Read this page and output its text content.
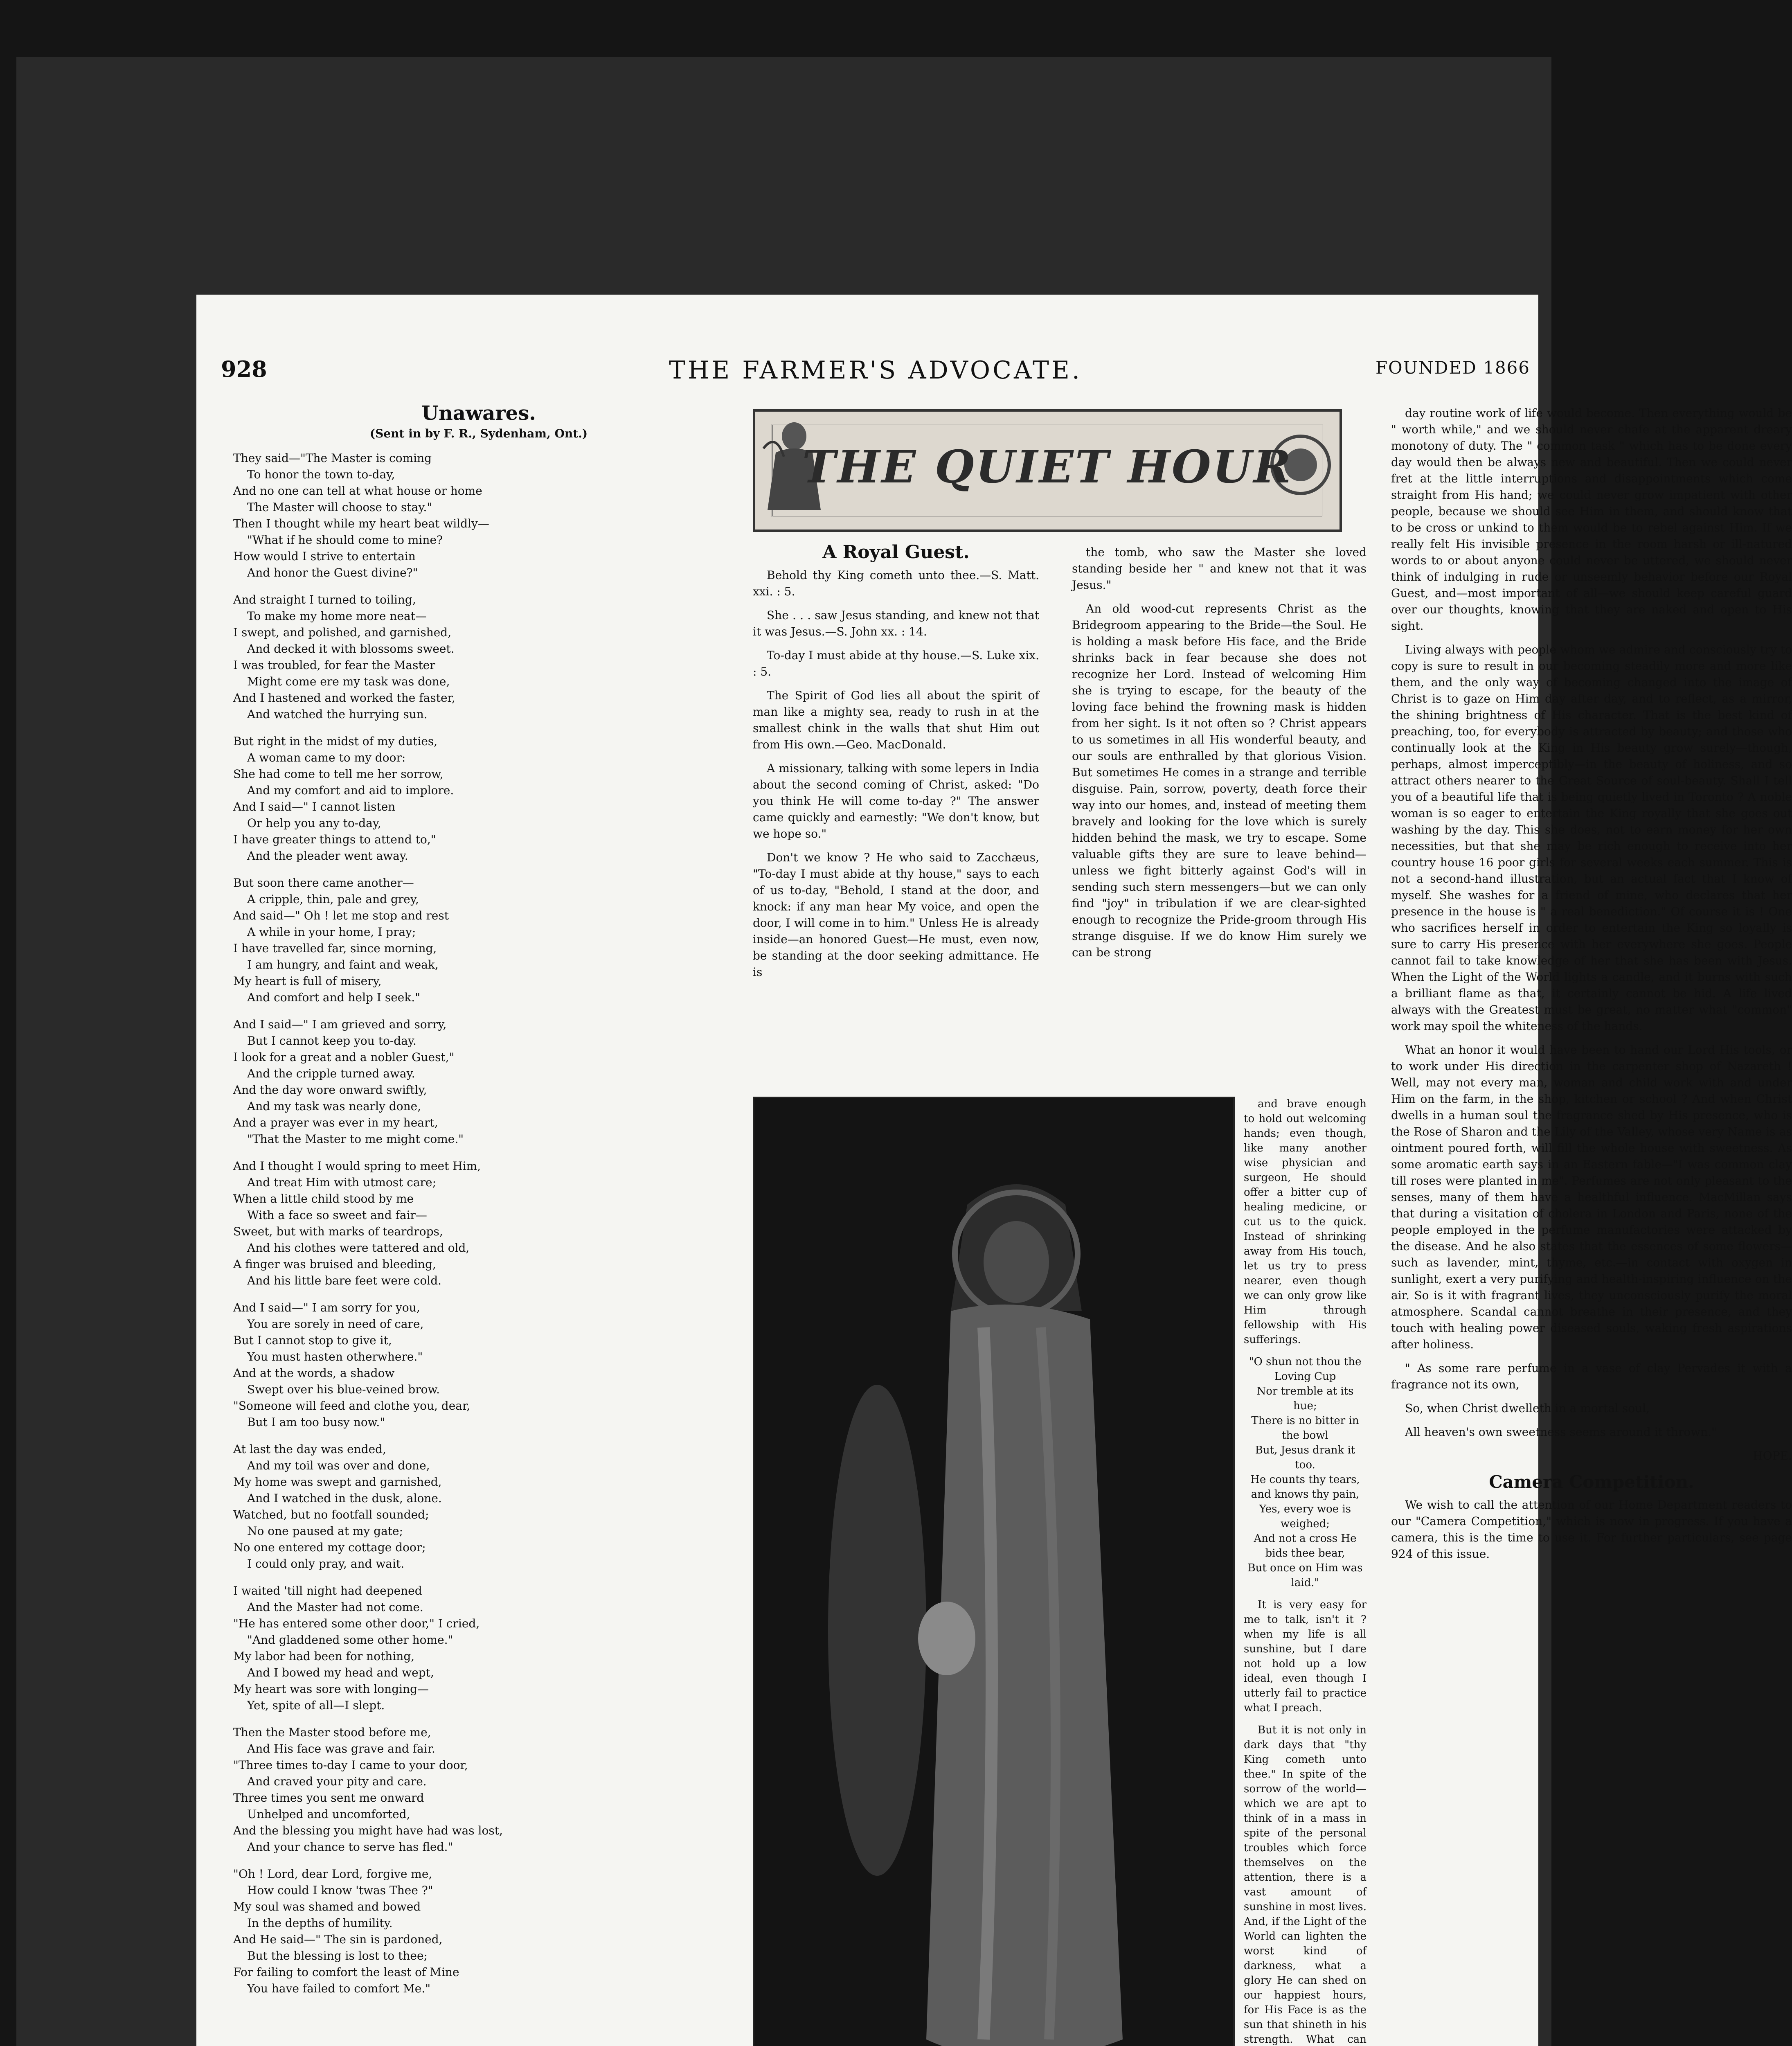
928	THE FARMER'S ADVOCATE.	FOUNDED 1866

Unawares.

(Sent in by F. R., Sydenham, Ont.)

They said—"The Master is coming

To honor the town to-day,

And no one can tell at what house or home

The Master will choose to stay."

Then I thought while my heart beat wildly—

"What if he should come to mine?

How would I strive to entertain

And honor the Guest divine?"

And straight I turned to toiling,

To make my home more neat—

I swept, and polished, and garnished,

And decked it with blossoms sweet.

I was troubled, for fear the Master

Might come ere my task was done,

And I hastened and worked the faster,

And watched the hurrying sun.

But right in the midst of my duties,

A woman came to my door:

She had come to tell me her sorrow,

And my comfort and aid to implore.

And I said—" I cannot listen

Or help you any to-day,

I have greater things to attend to,"

And the pleader went away.

But soon there came another—

A cripple, thin, pale and grey,

And said—" Oh ! let me stop and rest

A while in your home, I pray;

I have travelled far, since morning,

I am hungry, and faint and weak,

My heart is full of misery,

And comfort and help I seek."

And I said—" I am grieved and sorry,

But I cannot keep you to-day.

I look for a great and a nobler Guest,"

And the cripple turned away.

And the day wore onward swiftly,

And my task was nearly done,

And a prayer was ever in my heart,

"That the Master to me might come."

And I thought I would spring to meet Him,

And treat Him with utmost care;

When a little child stood by me

With a face so sweet and fair—

Sweet, but with marks of teardrops,

And his clothes were tattered and old,

A finger was bruised and bleeding,

And his little bare feet were cold.

And I said—" I am sorry for you,

You are sorely in need of care,

But I cannot stop to give it,

You must hasten otherwhere."

And at the words, a shadow

Swept over his blue-veined brow.

"Someone will feed and clothe you, dear,

But I am too busy now."

At last the day was ended,

And my toil was over and done,

My home was swept and garnished,

And I watched in the dusk, alone.

Watched, but no footfall sounded;

No one paused at my gate;

No one entered my cottage door;

I could only pray, and wait.

I waited 'till night had deepened

And the Master had not come.

"He has entered some other door," I cried,

"And gladdened some other home."

My labor had been for nothing,

And I bowed my head and wept,

My heart was sore with longing—

Yet, spite of all—I slept.

Then the Master stood before me,

And His face was grave and fair.

"Three times to-day I came to your door,

And craved your pity and care.

Three times you sent me onward

Unhelped and uncomforted,

And the blessing you might have had was lost,

And your chance to serve has fled."

"Oh ! Lord, dear Lord, forgive me,

How could I know 'twas Thee ?"

My soul was shamed and bowed

In the depths of humility.

And He said—" The sin is pardoned,

But the blessing is lost to thee;

For failing to comfort the least of Mine

You have failed to comfort Me."

THE QUIET HOUR

A Royal Guest.

Behold thy King cometh unto thee.—S. Matt. xxi. : 5.

She . . . saw Jesus standing, and knew not that it was Jesus.—S. John xx. : 14.

To-day I must abide at thy house.—S. Luke xix. : 5.

The Spirit of God lies all about the spirit of man like a mighty sea, ready to rush in at the smallest chink in the walls that shut Him out from His own.—Geo. MacDonald.

A missionary, talking with some lepers in India about the second coming of Christ, asked: "Do you think He will come to-day ?" The answer came quickly and earnestly: "We don't know, but we hope so."

Don't we know ? He who said to Zacchæus, "To-day I must abide at thy house," says to each of us to-day, "Behold, I stand at the door, and knock: if any man hear My voice, and open the door, I will come in to him." Unless He is already inside—an honored Guest—He must, even now, be standing at the door seeking admittance. He is

the tomb, who saw the Master she loved standing beside her " and knew not that it was Jesus."

An old wood-cut represents Christ as the Bridegroom appearing to the Bride—the Soul. He is holding a mask before His face, and the Bride shrinks back in fear because she does not recognize her Lord. Instead of welcoming Him she is trying to escape, for the beauty of the loving face behind the frowning mask is hidden from her sight. Is it not often so ? Christ appears to us sometimes in all His wonderful beauty, and our souls are enthralled by that glorious Vision. But sometimes He comes in a strange and terrible disguise. Pain, sorrow, poverty, death force their way into our homes, and, instead of meeting them bravely and looking for the love which is surely hidden behind the mask, we try to escape. Some valuable gifts they are sure to leave behind—unless we fight bitterly against God's will in sending such stern messengers—but we can only find "joy" in tribulation if we are clear-sighted enough to recognize the Pride-groom through His strange disguise. If we do know Him surely we can be strong

and brave enough to hold out welcoming hands; even though, like many another wise physician and surgeon, He should offer a bitter cup of healing medicine, or cut us to the quick. Instead of shrinking away from His touch, let us try to press nearer, even though we can only grow like Him through fellowship with His sufferings.

"O shun not thou the Loving Cup

Nor tremble at its hue;

There is no bitter in the bowl

But, Jesus drank it too.

He counts thy tears, and knows thy pain,

Yes, every woe is weighed;

And not a cross He bids thee bear,

But once on Him was laid."

It is very easy for me to talk, isn't it ? when my life is all sunshine, but I dare not hold up a low ideal, even though I utterly fail to practice what I preach.

But it is not only in dark days that "thy King cometh unto thee." In spite of the sorrow of the world—which we are apt to think of in a mass in spite of the personal troubles which force themselves on the attention, there is a vast amount of sunshine in most lives. And, if the Light of the World can lighten the worst kind of darkness, what a glory He can shed on our happiest hours, for His Face is as the sun that shineth in his strength. What can

day routine work of life would become. Then everything would be " worth while," and we should never chafe at the apparent dreary monotony of duty. The " common task " which has to be done every day would then be always new and beautiful. Then we could never fret at the little interruptions and disappointments which come straight from His hand; we could never grow impatient with other people, because we should see Him in them, and should know that to be cross or unkind to them would be to rebel against Him. If we really felt His invisible presence in the room harsh or ill-natured words to or about anyone could never be uttered, we should never think of indulging in rude or unseemly behavior before our Royal Guest, and—most important of all—we should keep careful guard over our thoughts, knowing that they are naked and open to His sight.

Living always with people whom we admire and consciously try to copy is sure to result in our becoming steadily more and more like them, and the only way of becoming changed into the image of Christ is to gaze on Him day after day, and to reflect, as a mirror, the shining brightness of His character. That is the best kind of preaching, too, for everybody is attracted by beauty; and those who continually look at the King in His beauty grow surely—though, perhaps, almost imperceptibly—in the beauty of holiness, and so attract others nearer to the Great Source of soul-beauty. Shall I tell you of a beautiful life that is being quietly lived in Toronto ? A noble woman is so eager to entertain the King royally that she goes out washing by the day. This she does, not to earn money for her own necessities, but that she may be rich enough to receive into her country house 16 poor girls for several weeks each summer. This is not a second-hand illustration, but an actual fact that I know of myself. She washes for a friend of mine, who declares that her presence in the house is " a real benediction." Of course it is ! One who sacrifices herself in order to entertain the King so loyally is sure to carry His presence with her everywhere she goes. People cannot fail to take knowledge of her that she has been with Jesus. When the Light of the World lights a candle, and it burns with such a brilliant flame as that, it certainly cannot be hid. A life lived always with the Greatest must be great, no matter what "common" work may spoil the whiteness of the hands.

What an honor it would have been to hand our Lord His tools, or to work under His direction in the carpenter shop of Nazareth ! Well, may not every man, woman and child work with and under Him on the farm, in the shop, kitchen or school ? And when Christ dwells in a human soul the fragrance shed by His presence, who is the Rose of Sharon and the Lily of the Valley, whose very Name is as ointment poured forth, will fill the whole house with sweetness. As some aromatic earth says in an Eastern fable—"I was common clay till roses were planted in me". Perfumes are not only pleasant to the senses, many of them have a healthful influence. MacMillan says that during a visitation of cholera in London and Paris, none of the people employed in the perfume manufactories were attacked by the disease. And he also states that the essences of some flowers—such as lavender, mint, thyme, etc.—in contact with oxygen in sunlight, exert a very purifying and health-inspiring influence on the air. So is it with fragrant lives, they unconsciously purify the moral atmosphere. Scandal cannot breathe in their presence, and they touch with healing power diseased souls, waking fresh aspirations after holiness.

" As some rare perfume in a vase of clay Pervades it with a fragrance not its own,

So, when Christ dwelleth in a mortal soul,

All heaven's own sweetness seems around it thrown."

HOPE.

Camera Competition.

We wish to call the attention of our Home Department readers to our "Camera Competition," which is now in progress. If you have a camera, this is the time to use it. For further particulars, see page 924 of this issue.
